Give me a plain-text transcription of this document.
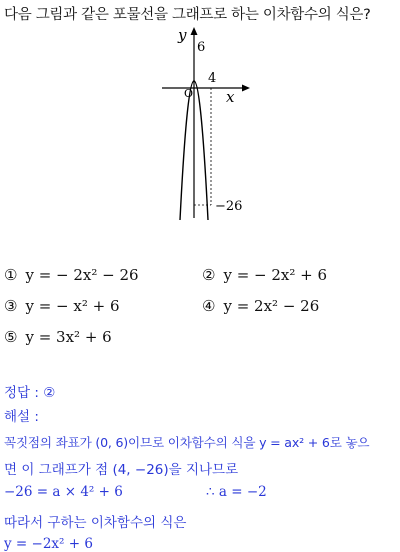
다음 그림과 같은 포물선을 그래프로 하는 이차함수의 식은?
y
x
O
6
4
−26
① y = − 2x² − 26	② y = − 2x² + 6
③ y = − x² + 6	④ y = 2x² − 26
⑤ y = 3x² + 6
정답 : ②
해설 :
꼭짓점의 좌표가 (0, 6)이므로 이차함수의 식을 y = ax² + 6로 놓으
면 이 그래프가 점 (4, −26)을 지나므로
−26 = a × 4² + 6	∴ a = −2
따라서 구하는 이차함수의 식은
y = −2x² + 6
